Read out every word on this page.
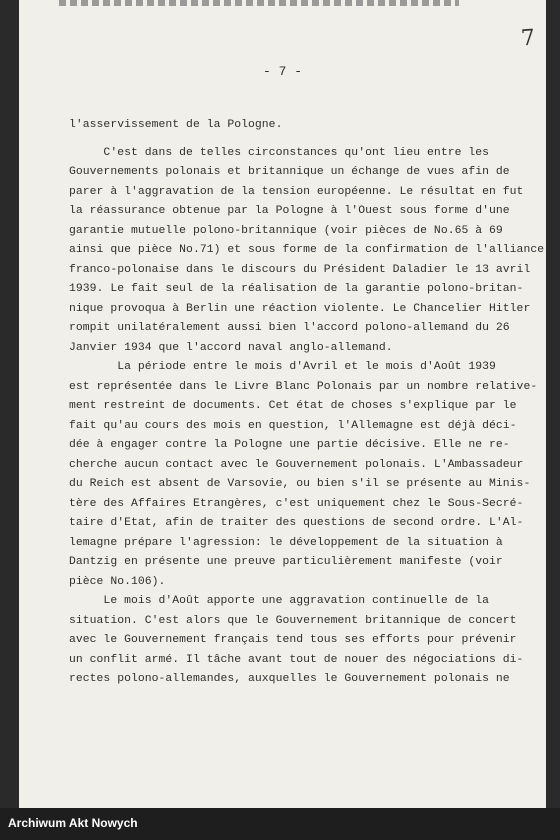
7
- 7 -
l'asservissement de la Pologne.
C'est dans de telles circonstances qu'ont lieu entre les
Gouvernements polonais et britannique un échange de vues afin de
parer à l'aggravation de la tension européenne. Le résultat en fut
la réassurance obtenue par la Pologne à l'Ouest sous forme d'une
garantie mutuelle polono-britannique (voir pièces de No.65 à 69
ainsi que pièce No.71) et sous forme de la confirmation de l'alliance
franco-polonaise dans le discours du Président Daladier le 13 avril
1939. Le fait seul de la réalisation de la garantie polono-britan-
nique provoqua à Berlin une réaction violente. Le Chancelier Hitler
rompit unilatéralement aussi bien l'accord polono-allemand du 26
Janvier 1934 que l'accord naval anglo-allemand.
La période entre le mois d'Avril et le mois d'Août 1939
est représentée dans le Livre Blanc Polonais par un nombre relative-
ment restreint de documents. Cet état de choses s'explique par le
fait qu'au cours des mois en question, l'Allemagne est déjà déci-
dée à engager contre la Pologne une partie décisive. Elle ne re-
cherche aucun contact avec le Gouvernement polonais. L'Ambassadeur
du Reich est absent de Varsovie, ou bien s'il se présente au Minis-
tère des Affaires Etrangères, c'est uniquement chez le Sous-Secré-
taire d'Etat, afin de traiter des questions de second ordre. L'Al-
lemagne prépare l'agression: le développement de la situation à
Dantzig en présente une preuve particulièrement manifeste (voir
pièce No.106).
Le mois d'Août apporte une aggravation continuelle de la
situation. C'est alors que le Gouvernement britannique de concert
avec le Gouvernement français tend tous ses efforts pour prévenir
un conflit armé. Il tâche avant tout de nouer des négociations di-
rectes polono-allemandes, auxquelles le Gouvernement polonais ne
Archiwum Akt Nowych
